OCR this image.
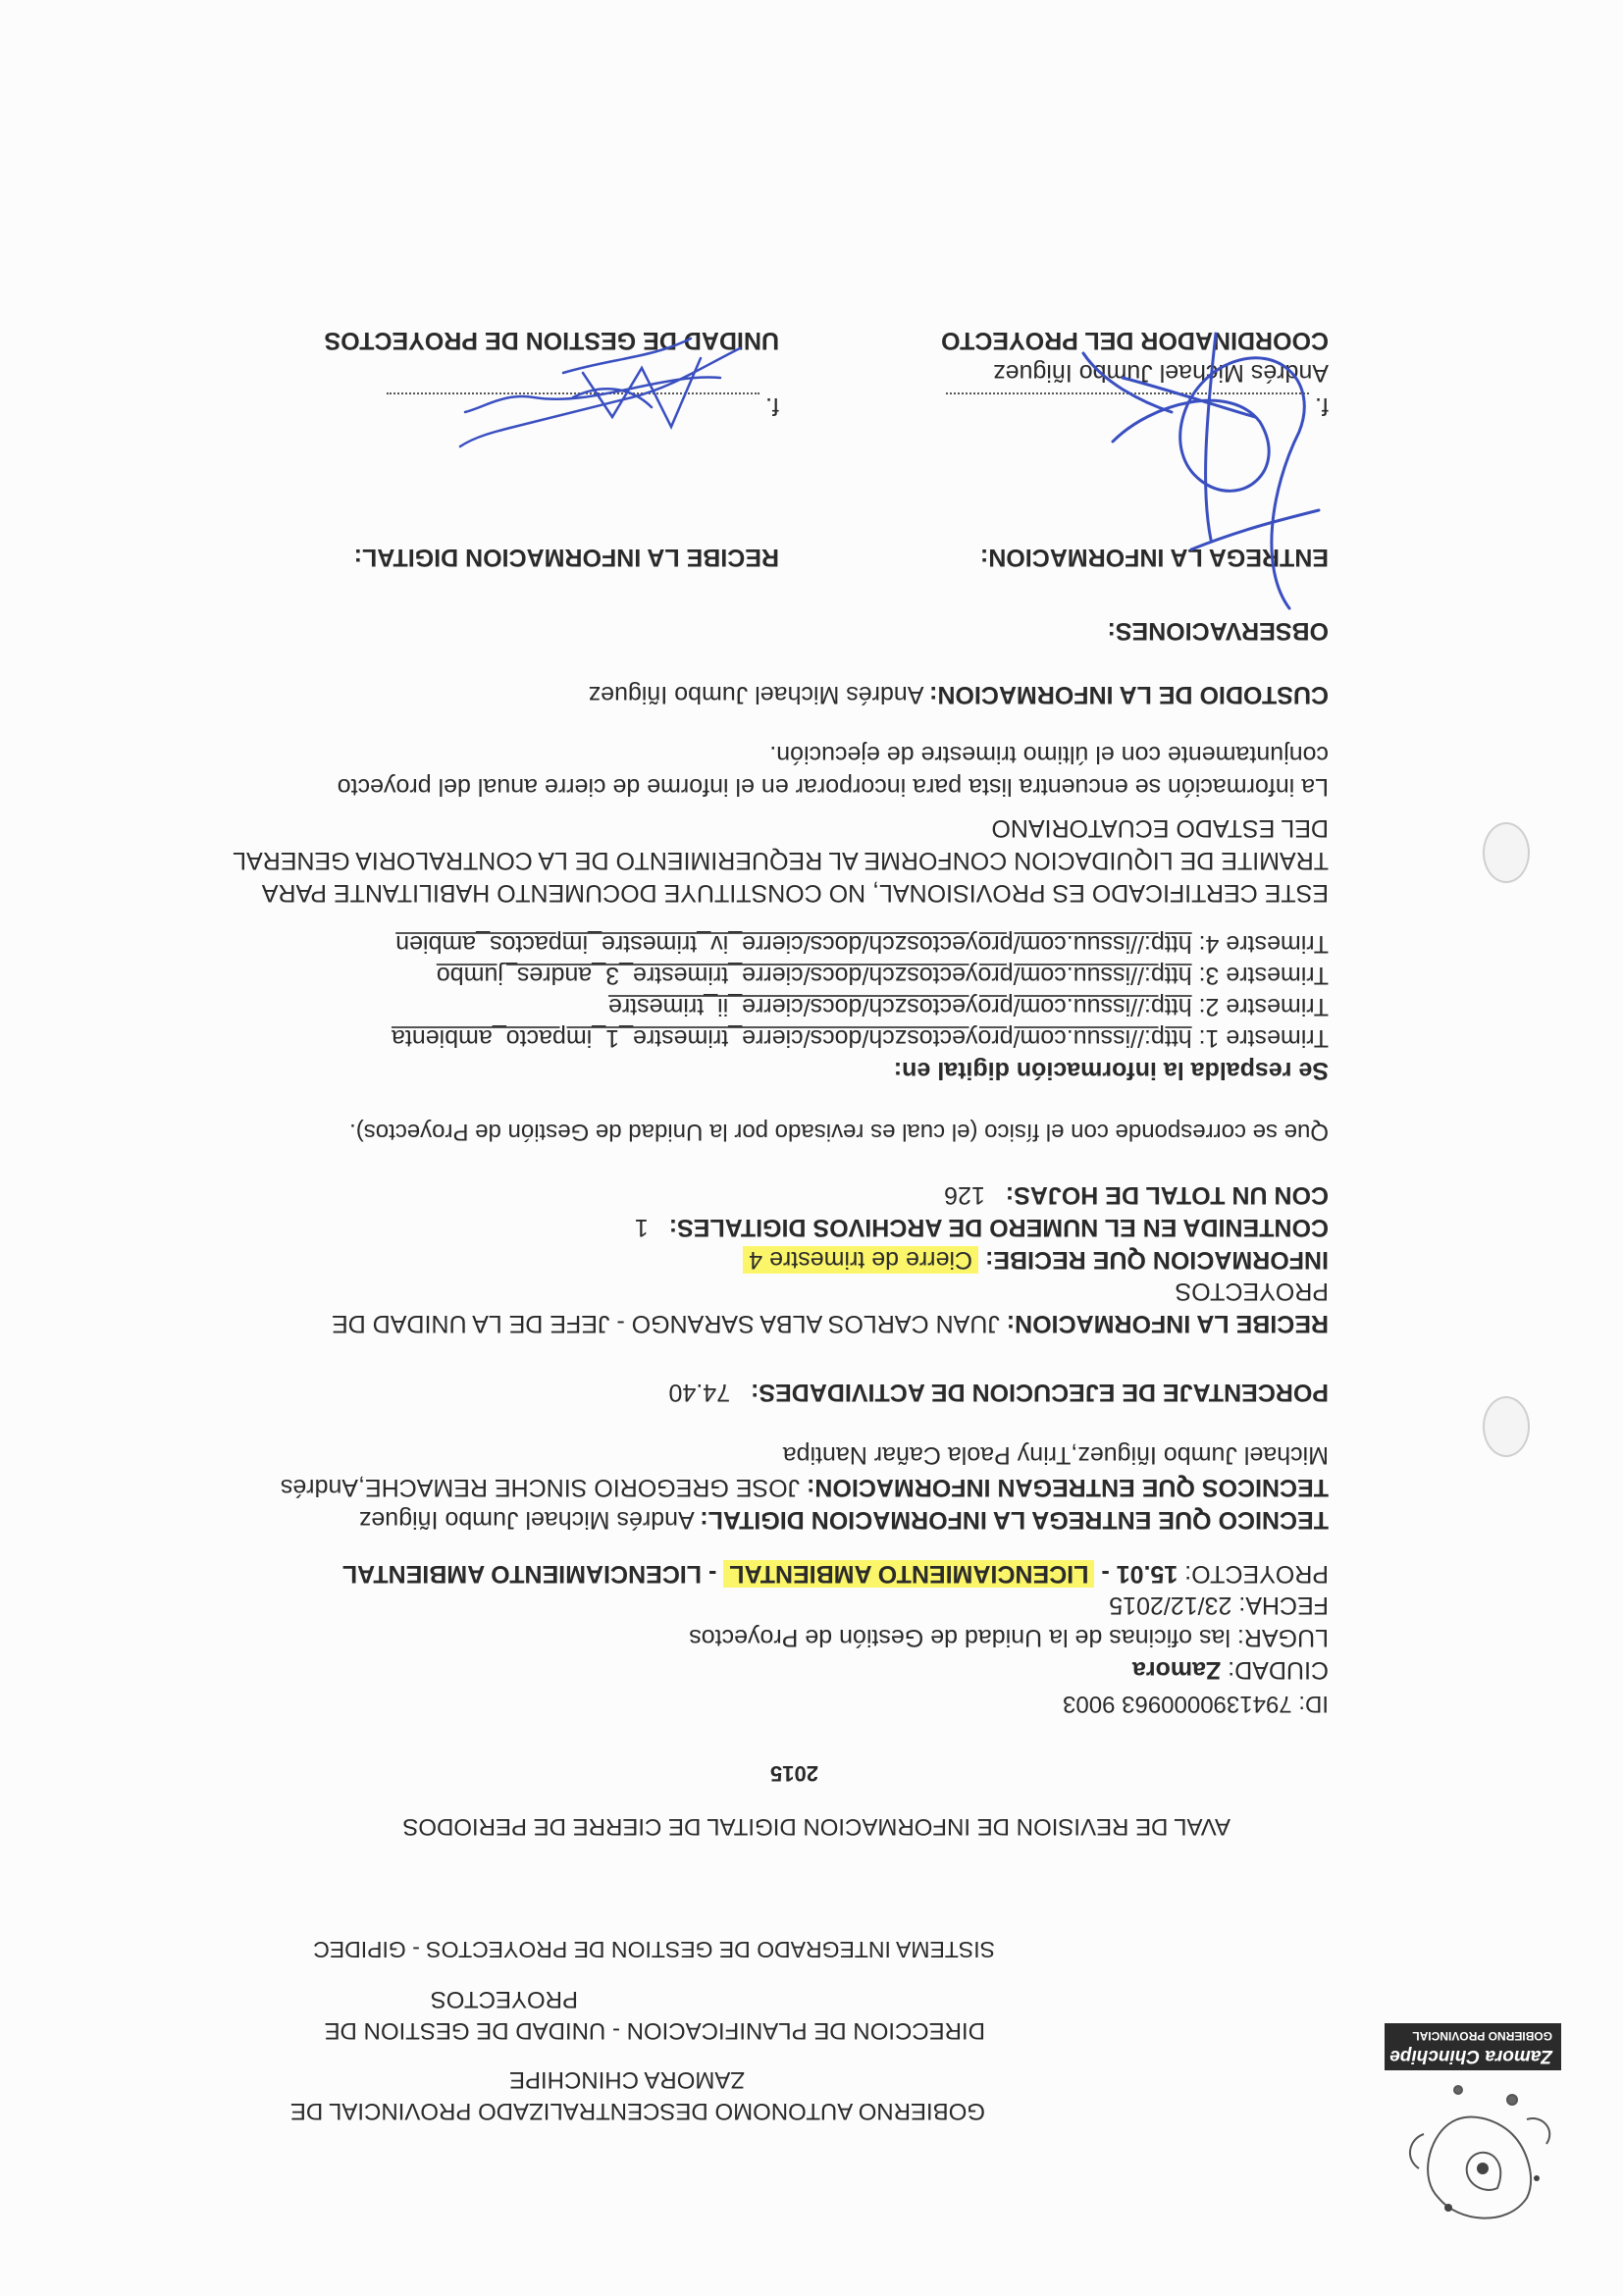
Zamora Chinchipe
GOBIERNO PROVINCIAL
GOBIERNO AUTONOMO DESCENTRALIZADO PROVINCIAL DE
ZAMORA CHINCHIPE
DIRECCION DE PLANIFICACION - UNIDAD DE GESTION DE
PROYECTOS
SISTEMA INTEGRADO DE GESTION DE PROYECTOS - GIPIDEC
AVAL DE REVISION DE INFORMACION DIGITAL DE CIERRE DE PERIODOS
2015
ID: 7941390000963 9003
CIUDAD: Zamora
LUGAR: las oficinas de la Unidad de Gestión de Proyectos
FECHA: 23/12/2015
PROYECTO: 15.01 - LICENCIAMIENTO AMBIENTAL - LICENCIAMIENTO AMBIENTAL
TECNICO QUE ENTREGA LA INFORMACION DIGITAL: Andrés Michael Jumbo Iñiguez
TECNICOS QUE ENTREGAN INFORMACION: JOSE GREGORIO SINCHE REMACHE,Andrés
Michael Jumbo Iñiguez,Triny Paola Cañar Nantipa
PORCENTAJE DE EJECUCION DE ACTIVIDADES: 74.40
RECIBE LA INFORMACION: JUAN CARLOS ALBA SARANGO - JEFE DE LA UNIDAD DE
PROYECTOS
INFORMACION QUE RECIBE: Cierre de trimestre 4
CONTENIDA EN EL NUMERO DE ARCHIVOS DIGITALES: 1
CON UN TOTAL DE HOJAS: 126
Que se corresponde con el físico (el cual es revisado por la Unidad de Gestión de Proyectos).
Se respalda la información digital en:
Trimestre 1: http://issuu.com/proyectoszch/docs/cierre_trimestre_1_impacto_ambienta
Trimestre 2: http://issuu.com/proyectoszch/docs/cierre_ii_trimestre
Trimestre 3: http://issuu.com/proyectoszch/docs/cierre_trimestre_3_andres_jumbo
Trimestre 4: http://issuu.com/proyectoszch/docs/cierre_iv_trimestre_impactos_ambien
ESTE CERTIFICADO ES PROVISIONAL, NO CONSTITUYE DOCUMENTO HABILITANTE PARA
TRAMITE DE LIQUIDACION CONFORME AL REQUERIMIENTO DE LA CONTRALORIA GENERAL
DEL ESTADO ECUATORIANO
La información se encuentra lista para incorporar en el informe de cierre anual del proyecto
conjuntamente con el último trimestre de ejecución.
CUSTODIO DE LA INFORMACION: Andrés Michael Jumbo Iñiguez
OBSERVACIONES:
ENTREGA LA INFORMACION:
RECIBE LA INFORMACION DIGITAL:
f.
f.
Andrés Michael Jumbo Iñiguez
COORDINADOR DEL PROYECTO
UNIDAD DE GESTION DE PROYECTOS
